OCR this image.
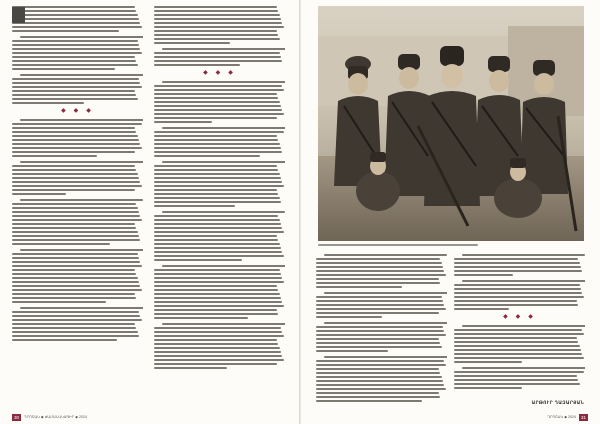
◆ ◆ ◆
◆ ◆ ◆
30 ԴՐՈՇԱԿ ◆ ԺԱՄԱՆԱԿԱԳԻՐ ◆ 2024
◆ ◆ ◆
ԱՐԹՈՒՐ ՂԱԶԱՐՅԱՆ
ԴՐՈՇԱԿ ◆ 2024 31
